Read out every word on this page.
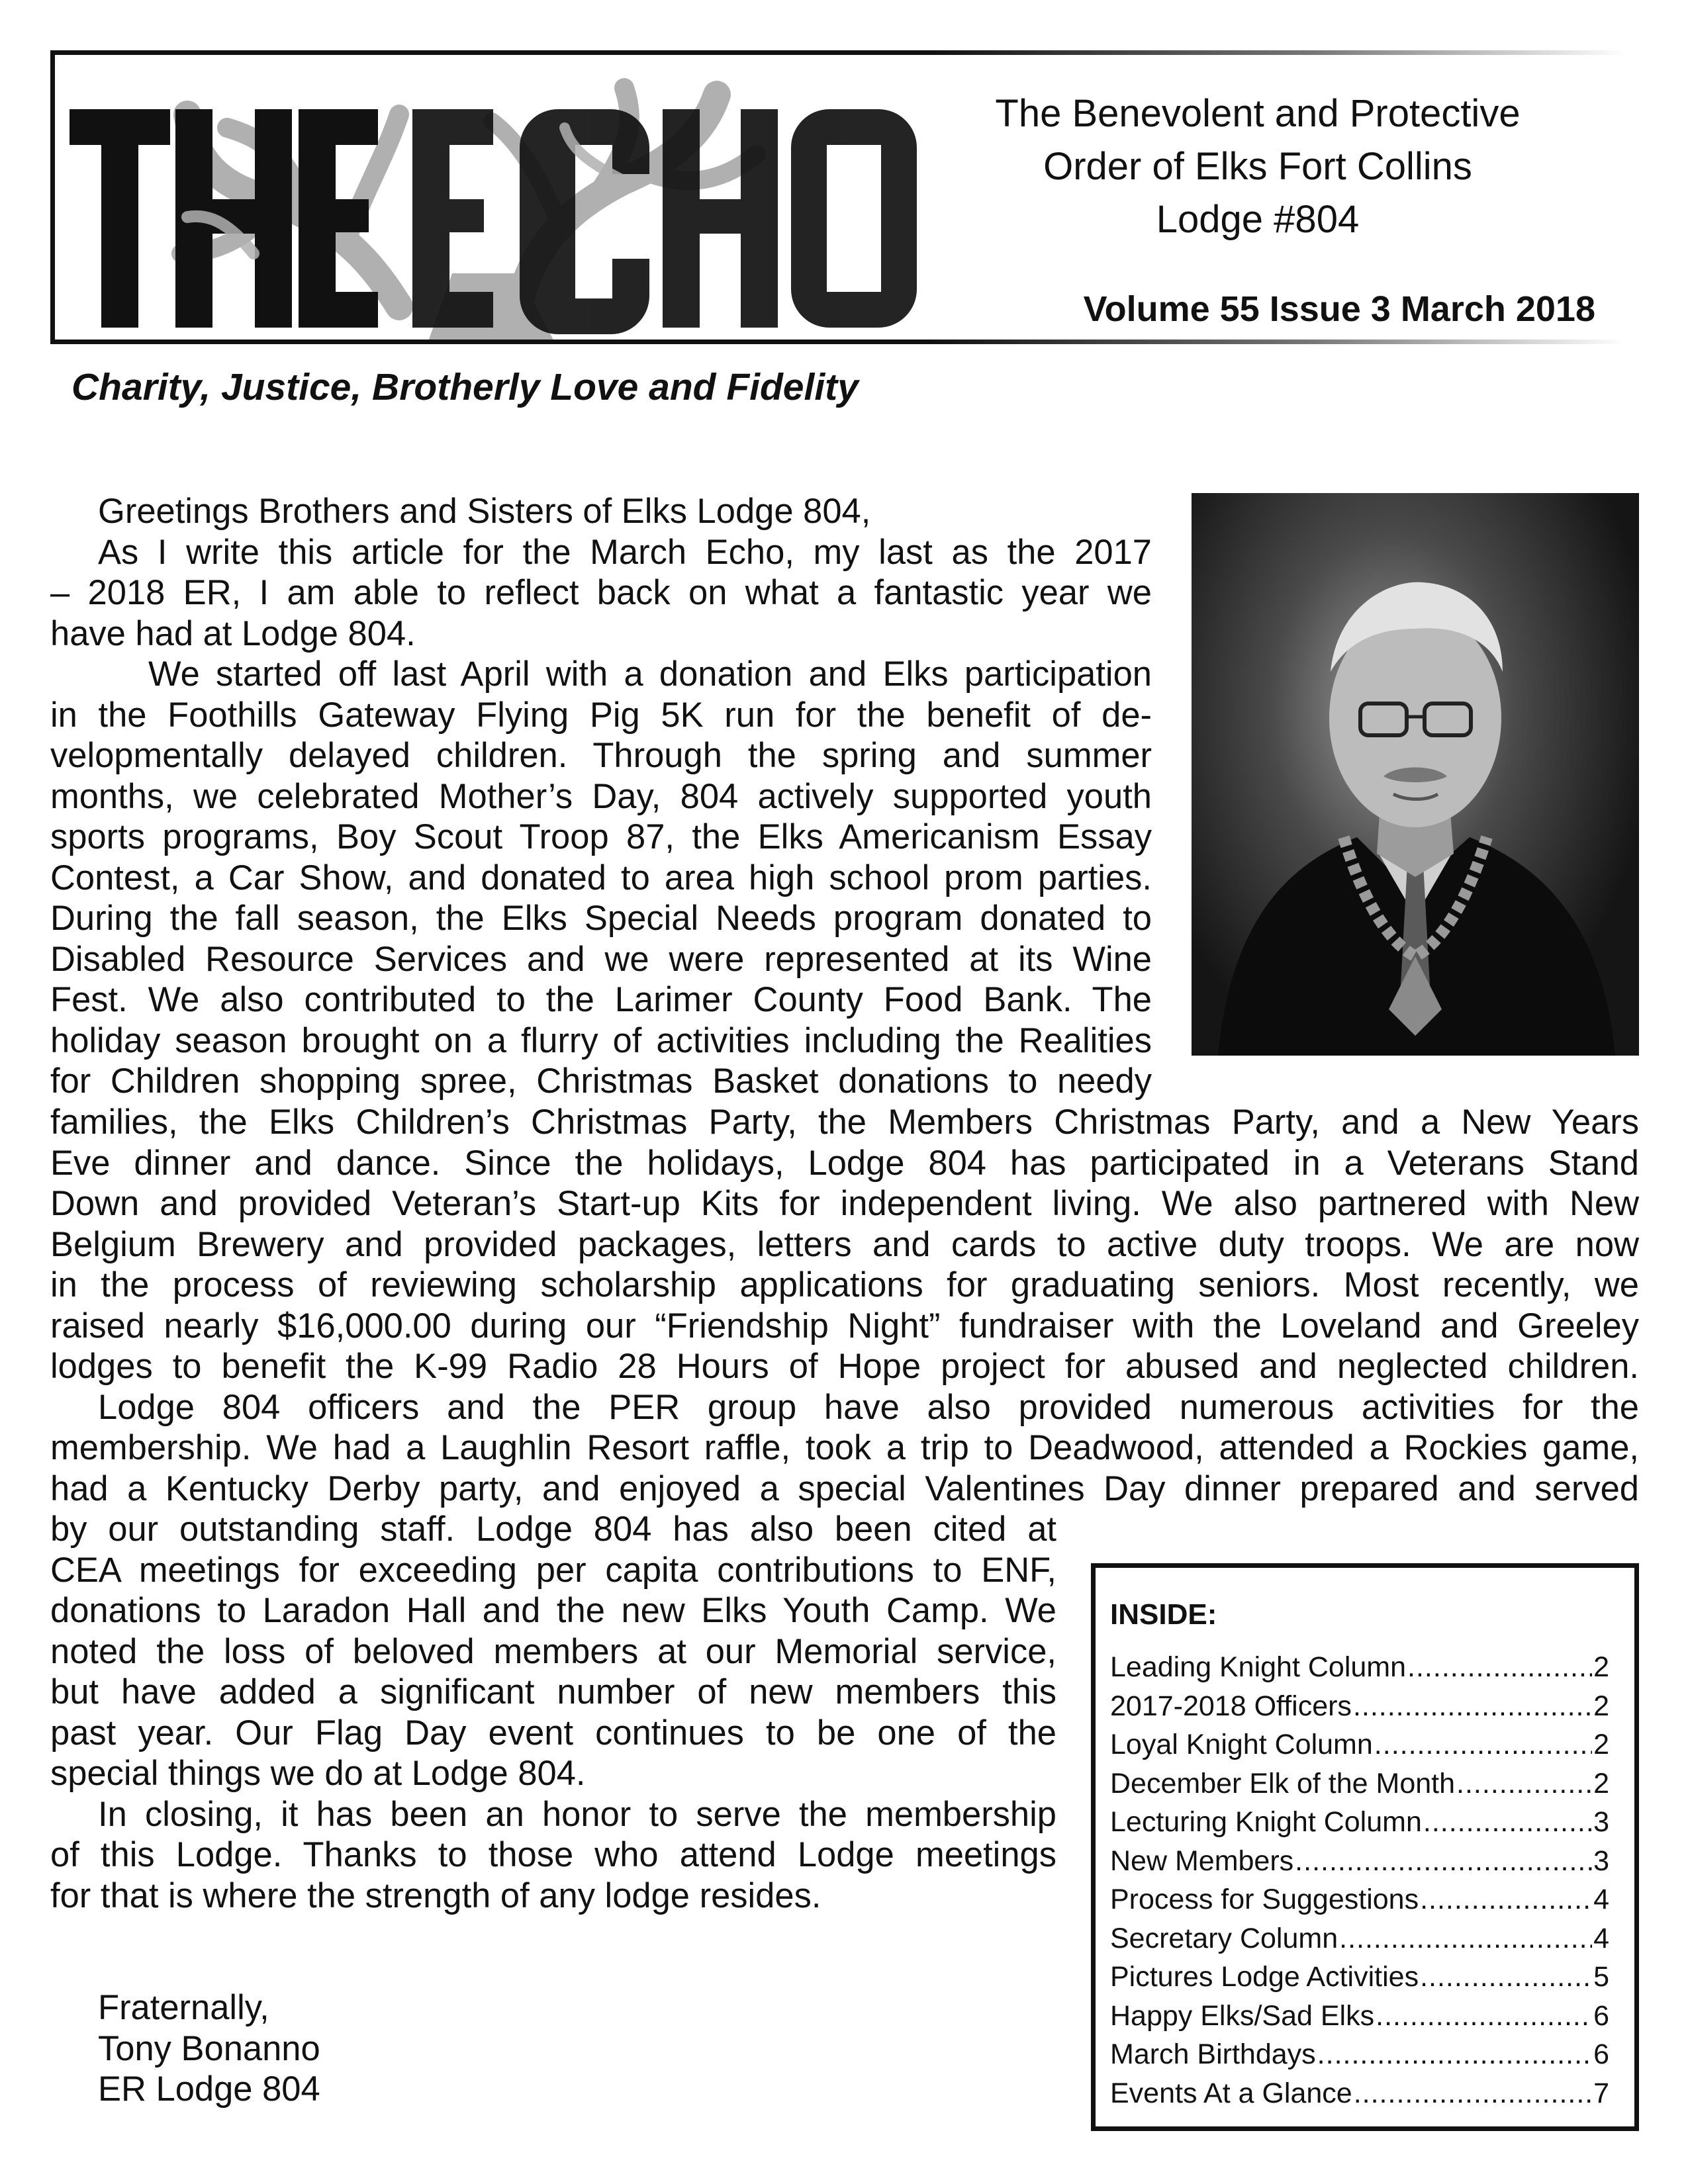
The Benevolent and Protective
Order of Elks Fort Collins
Lodge #804
Volume 55 Issue 3 March 2018
Charity, Justice, Brotherly Love and Fidelity
Greetings Brothers and Sisters of Elks Lodge 804,
As I write this article for the March Echo, my last as the 2017
– 2018 ER, I am able to reflect back on what a fantastic year we
have had at Lodge 804.
We started off last April with a donation and Elks participation
in the Foothills Gateway Flying Pig 5K run for the benefit of de-
velopmentally delayed children. Through the spring and summer
months, we celebrated Mother’s Day, 804 actively supported youth
sports programs, Boy Scout Troop 87, the Elks Americanism Essay
Contest, a Car Show, and donated to area high school prom parties.
During the fall season, the Elks Special Needs program donated to
Disabled Resource Services and we were represented at its Wine
Fest. We also contributed to the Larimer County Food Bank. The
holiday season brought on a flurry of activities including the Realities
for Children shopping spree, Christmas Basket donations to needy
families, the Elks Children’s Christmas Party, the Members Christmas Party, and a New Years
Eve dinner and dance. Since the holidays, Lodge 804 has participated in a Veterans Stand
Down and provided Veteran’s Start-up Kits for independent living. We also partnered with New
Belgium Brewery and provided packages, letters and cards to active duty troops. We are now
in the process of reviewing scholarship applications for graduating seniors. Most recently, we
raised nearly $16,000.00 during our “Friendship Night” fundraiser with the Loveland and Greeley
lodges to benefit the K-99 Radio 28 Hours of Hope project for abused and neglected children.
Lodge 804 officers and the PER group have also provided numerous activities for the
membership. We had a Laughlin Resort raffle, took a trip to Deadwood, attended a Rockies game,
had a Kentucky Derby party, and enjoyed a special Valentines Day dinner prepared and served
by our outstanding staff. Lodge 804 has also been cited at
CEA meetings for exceeding per capita contributions to ENF,
donations to Laradon Hall and the new Elks Youth Camp. We
noted the loss of beloved members at our Memorial service,
but have added a significant number of new members this
past year. Our Flag Day event continues to be one of the
special things we do at Lodge 804.
In closing, it has been an honor to serve the membership
of this Lodge. Thanks to those who attend Lodge meetings
for that is where the strength of any lodge resides.
Fraternally,
Tony Bonanno
ER Lodge 804
INSIDE:
Leading Knight Column .....	2
2017-2018 Officers .....	2
Loyal Knight Column .....	2
December Elk of the Month .....	2
Lecturing Knight Column .....	3
New Members .....	3
Process for Suggestions .....	4
Secretary Column .....	4
Pictures Lodge Activities .....	5
Happy Elks/Sad Elks .....	6
March Birthdays .....	6
Events At a Glance .....	7
